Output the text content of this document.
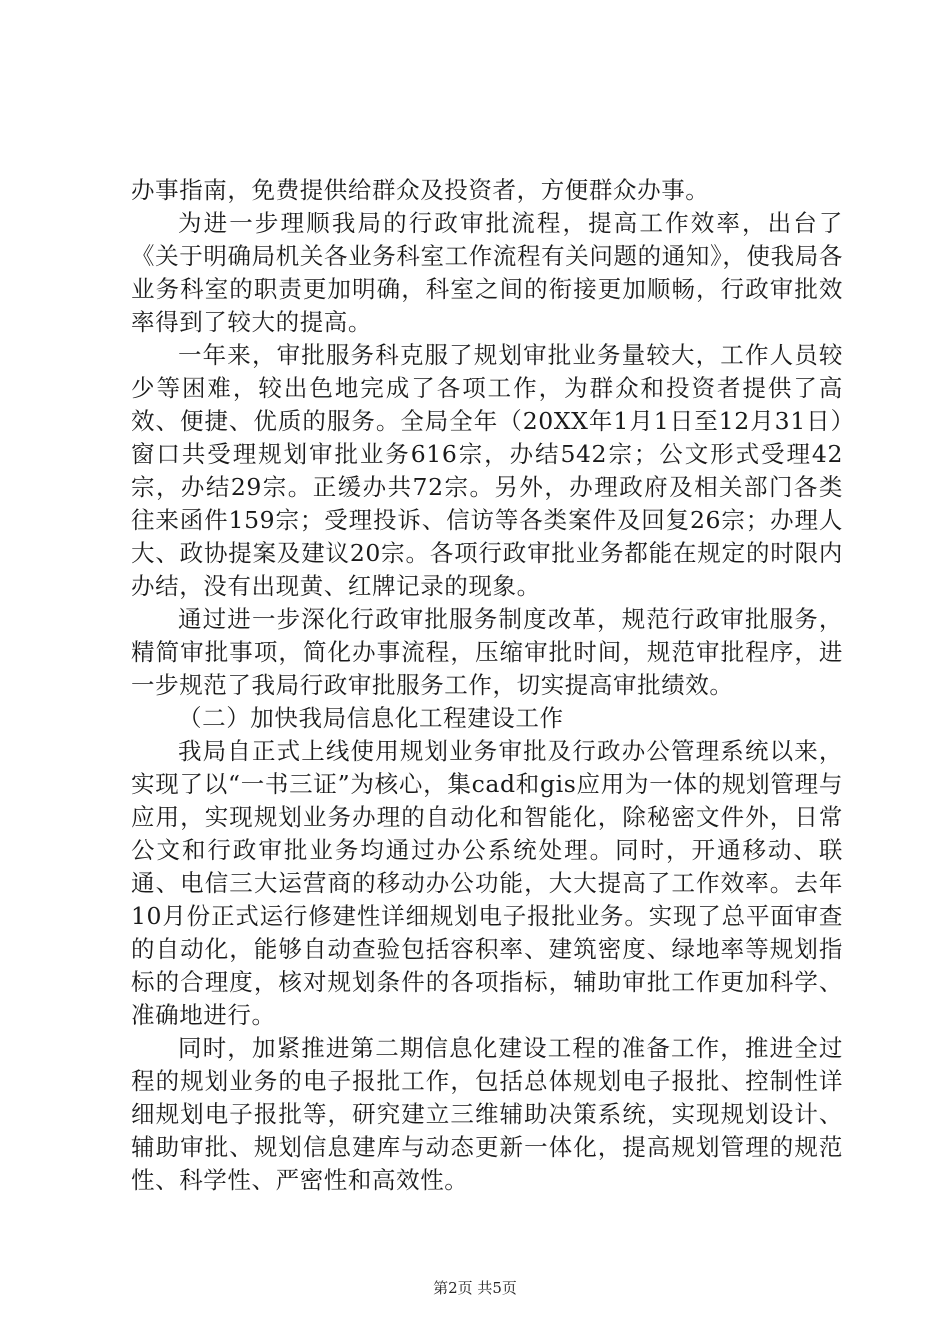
办事指南，免费提供给群众及投资者，方便群众办事。

为进一步理顺我局的行政审批流程，提高工作效率，出台了《关于明确局机关各业务科室工作流程有关问题的通知》，使我局各业务科室的职责更加明确，科室之间的衔接更加顺畅，行政审批效率得到了较大的提高。

一年来，审批服务科克服了规划审批业务量较大，工作人员较少等困难，较出色地完成了各项工作，为群众和投资者提供了高效、便捷、优质的服务。全局全年（20XX年1月1日至12月31日）窗口共受理规划审批业务616宗，办结542宗；公文形式受理42宗，办结29宗。正缓办共72宗。另外，办理政府及相关部门各类往来函件159宗；受理投诉、信访等各类案件及回复26宗；办理人大、政协提案及建议20宗。各项行政审批业务都能在规定的时限内办结，没有出现黄、红牌记录的现象。

通过进一步深化行政审批服务制度改革，规范行政审批服务，精简审批事项，简化办事流程，压缩审批时间，规范审批程序，进一步规范了我局行政审批服务工作，切实提高审批绩效。

（二）加快我局信息化工程建设工作

我局自正式上线使用规划业务审批及行政办公管理系统以来，实现了以“一书三证”为核心，集cad和gis应用为一体的规划管理与应用，实现规划业务办理的自动化和智能化，除秘密文件外，日常公文和行政审批业务均通过办公系统处理。同时，开通移动、联通、电信三大运营商的移动办公功能，大大提高了工作效率。去年10月份正式运行修建性详细规划电子报批业务。实现了总平面审查的自动化，能够自动查验包括容积率、建筑密度、绿地率等规划指标的合理度，核对规划条件的各项指标，辅助审批工作更加科学、准确地进行。

同时，加紧推进第二期信息化建设工程的准备工作，推进全过程的规划业务的电子报批工作，包括总体规划电子报批、控制性详细规划电子报批等，研究建立三维辅助决策系统，实现规划设计、辅助审批、规划信息建库与动态更新一体化，提高规划管理的规范性、科学性、严密性和高效性。

第2页 共5页
